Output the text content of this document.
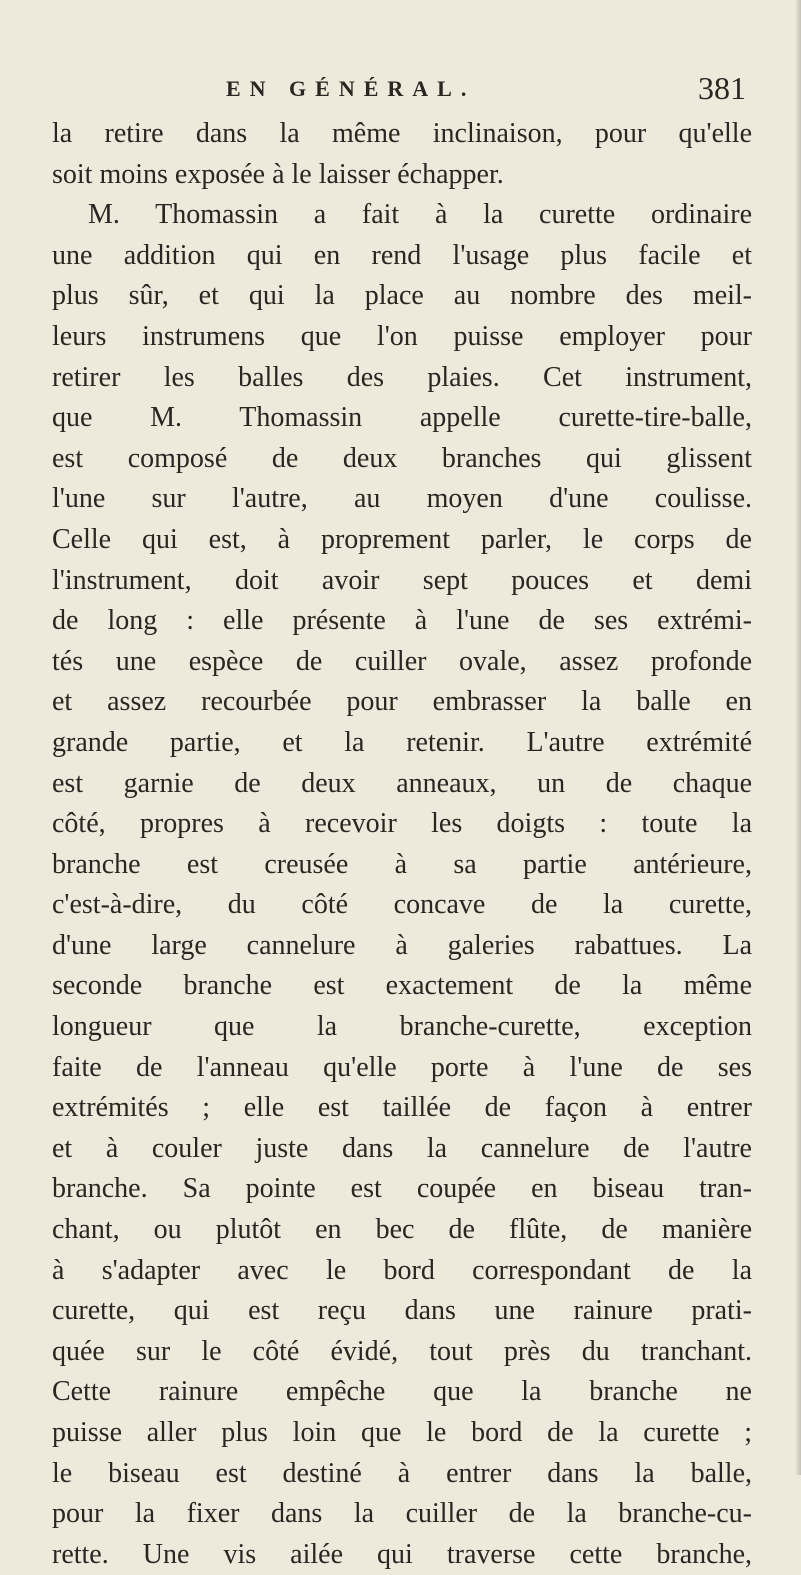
EN GÉNÉRAL.	381
la retire dans la même inclinaison, pour qu'elle
soit moins exposée à le laisser échapper.
M. Thomassin a fait à la curette ordinaire
une addition qui en rend l'usage plus facile et
plus sûr, et qui la place au nombre des meil-
leurs instrumens que l'on puisse employer pour
retirer les balles des plaies. Cet instrument,
que M. Thomassin appelle curette-tire-balle,
est composé de deux branches qui glissent
l'une sur l'autre, au moyen d'une coulisse.
Celle qui est, à proprement parler, le corps de
l'instrument, doit avoir sept pouces et demi
de long : elle présente à l'une de ses extrémi-
tés une espèce de cuiller ovale, assez profonde
et assez recourbée pour embrasser la balle en
grande partie, et la retenir. L'autre extrémité
est garnie de deux anneaux, un de chaque
côté, propres à recevoir les doigts : toute la
branche est creusée à sa partie antérieure,
c'est-à-dire, du côté concave de la curette,
d'une large cannelure à galeries rabattues. La
seconde branche est exactement de la même
longueur que la branche-curette, exception
faite de l'anneau qu'elle porte à l'une de ses
extrémités ; elle est taillée de façon à entrer
et à couler juste dans la cannelure de l'autre
branche. Sa pointe est coupée en biseau tran-
chant, ou plutôt en bec de flûte, de manière
à s'adapter avec le bord correspondant de la
curette, qui est reçu dans une rainure prati-
quée sur le côté évidé, tout près du tranchant.
Cette rainure empêche que la branche ne
puisse aller plus loin que le bord de la curette ;
le biseau est destiné à entrer dans la balle,
pour la fixer dans la cuiller de la branche-cu-
rette. Une vis ailée qui traverse cette branche,
